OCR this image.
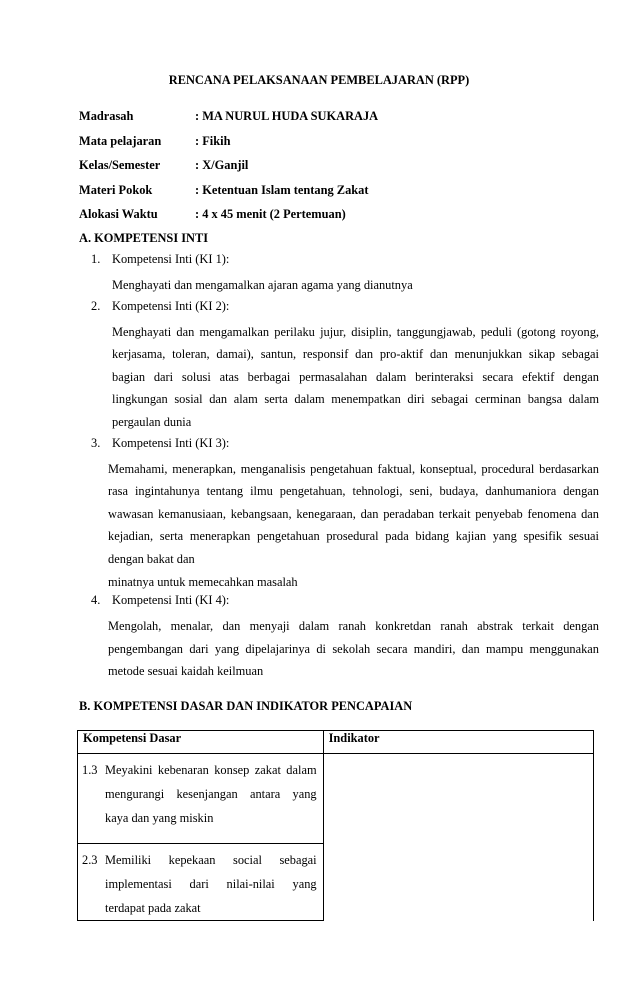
RENCANA PELAKSANAAN PEMBELAJARAN (RPP)
Madrasah	: MA NURUL HUDA SUKARAJA
Mata pelajaran	: Fikih
Kelas/Semester	: X/Ganjil
Materi Pokok	: Ketentuan Islam tentang Zakat
Alokasi Waktu	: 4 x 45 menit (2 Pertemuan)
A. KOMPETENSI INTI
1. Kompetensi Inti (KI 1):
Menghayati dan mengamalkan ajaran agama yang dianutnya
2. Kompetensi Inti (KI 2):
Menghayati dan mengamalkan perilaku jujur, disiplin, tanggungjawab, peduli (gotong royong,
kerjasama, toleran, damai), santun, responsif dan pro-aktif dan menunjukkan sikap sebagai
bagian dari solusi atas berbagai permasalahan dalam berinteraksi secara efektif dengan
lingkungan sosial dan alam serta dalam menempatkan diri sebagai cerminan bangsa dalam
pergaulan dunia
3. Kompetensi Inti (KI 3):
Memahami, menerapkan, menganalisis pengetahuan faktual, konseptual, procedural berdasarkan
rasa ingintahunya tentang ilmu pengetahuan, tehnologi, seni, budaya, danhumaniora dengan
wawasan kemanusiaan, kebangsaan, kenegaraan, dan peradaban terkait penyebab fenomena dan
kejadian, serta menerapkan pengetahuan prosedural pada bidang kajian yang spesifik sesuai
dengan bakat dan
minatnya untuk memecahkan masalah
4. Kompetensi Inti (KI 4):
Mengolah, menalar, dan menyaji dalam ranah konkretdan ranah abstrak terkait dengan
pengembangan dari yang dipelajarinya di sekolah secara mandiri, dan mampu menggunakan
metode sesuai kaidah keilmuan
B. KOMPETENSI DASAR DAN INDIKATOR PENCAPAIAN
Kompetensi Dasar	Indikator

1.3 Meyakini kebenaran konsep zakat dalam
mengurangi kesenjangan antara yang
kaya dan yang miskin	

2.3 Memiliki kepekaan social sebagai
implementasi dari nilai-nilai yang
terdapat pada zakat	
